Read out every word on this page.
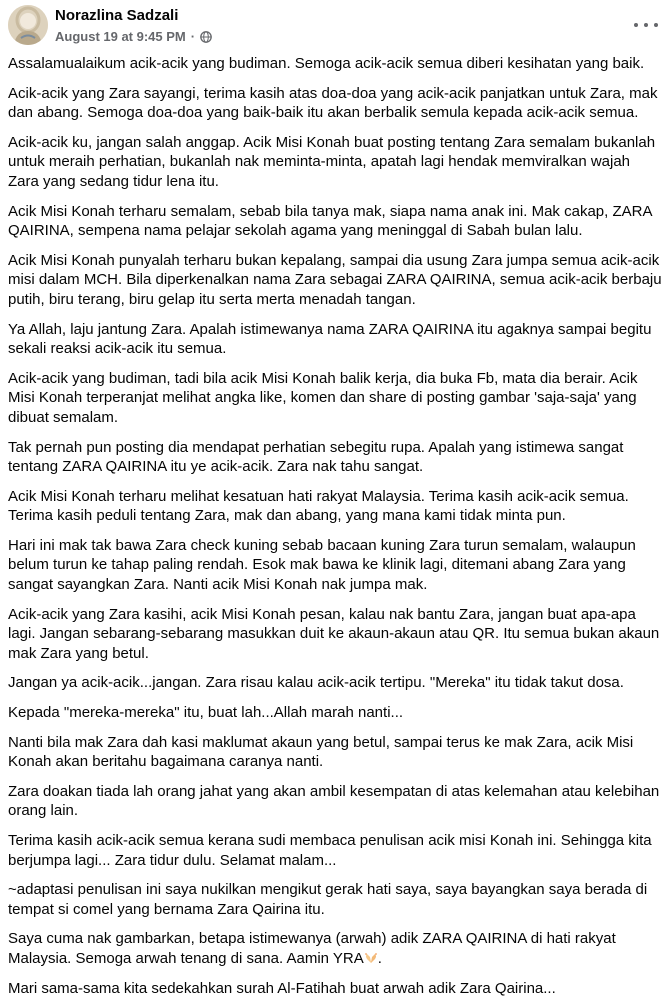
Norazlina Sadzali
August 19 at 9:45 PM ·

Assalamualaikum acik-acik yang budiman. Semoga acik-acik semua diberi kesihatan yang baik.

Acik-acik yang Zara sayangi, terima kasih atas doa-doa yang acik-acik panjatkan untuk Zara, mak dan abang. Semoga doa-doa yang baik-baik itu akan berbalik semula kepada acik-acik semua.

Acik-acik ku, jangan salah anggap. Acik Misi Konah buat posting tentang Zara semalam bukanlah untuk meraih perhatian, bukanlah nak meminta-minta, apatah lagi hendak memviralkan wajah Zara yang sedang tidur lena itu.

Acik Misi Konah terharu semalam, sebab bila tanya mak, siapa nama anak ini. Mak cakap, ZARA QAIRINA, sempena nama pelajar sekolah agama yang meninggal di Sabah bulan lalu.

Acik Misi Konah punyalah terharu bukan kepalang, sampai dia usung Zara jumpa semua acik-acik misi dalam MCH. Bila diperkenalkan nama Zara sebagai ZARA QAIRINA, semua acik-acik berbaju putih, biru terang, biru gelap itu serta merta menadah tangan.

Ya Allah, laju jantung Zara. Apalah istimewanya nama ZARA QAIRINA itu agaknya sampai begitu sekali reaksi acik-acik itu semua.

Acik-acik yang budiman, tadi bila acik Misi Konah balik kerja, dia buka Fb, mata dia berair. Acik Misi Konah terperanjat melihat angka like, komen dan share di posting gambar 'saja-saja' yang dibuat semalam.

Tak pernah pun posting dia mendapat perhatian sebegitu rupa. Apalah yang istimewa sangat tentang ZARA QAIRINA itu ye acik-acik. Zara nak tahu sangat.

Acik Misi Konah terharu melihat kesatuan hati rakyat Malaysia. Terima kasih acik-acik semua. Terima kasih peduli tentang Zara, mak dan abang, yang mana kami tidak minta pun.

Hari ini mak tak bawa Zara check kuning sebab bacaan kuning Zara turun semalam, walaupun belum turun ke tahap paling rendah. Esok mak bawa ke klinik lagi, ditemani abang Zara yang sangat sayangkan Zara. Nanti acik Misi Konah nak jumpa mak.

Acik-acik yang Zara kasihi, acik Misi Konah pesan, kalau nak bantu Zara, jangan buat apa-apa lagi. Jangan sebarang-sebarang masukkan duit ke akaun-akaun atau QR. Itu semua bukan akaun mak Zara yang betul.

Jangan ya acik-acik...jangan. Zara risau kalau acik-acik tertipu. "Mereka" itu tidak takut dosa.

Kepada "mereka-mereka" itu, buat lah...Allah marah nanti...

Nanti bila mak Zara dah kasi maklumat akaun yang betul, sampai terus ke mak Zara, acik Misi Konah akan beritahu bagaimana caranya nanti.

Zara doakan tiada lah orang jahat yang akan ambil kesempatan di atas kelemahan atau kelebihan orang lain.

Terima kasih acik-acik semua kerana sudi membaca penulisan acik misi Konah ini. Sehingga kita berjumpa lagi... Zara tidur dulu. Selamat malam...

~adaptasi penulisan ini saya nukilkan mengikut gerak hati saya, saya bayangkan saya berada di tempat si comel yang bernama Zara Qairina itu.

Saya cuma nak gambarkan, betapa istimewanya (arwah) adik ZARA QAIRINA di hati rakyat Malaysia. Semoga arwah tenang di sana. Aamin YRA .

Mari sama-sama kita sedekahkan surah Al-Fatihah buat arwah adik Zara Qairina...
